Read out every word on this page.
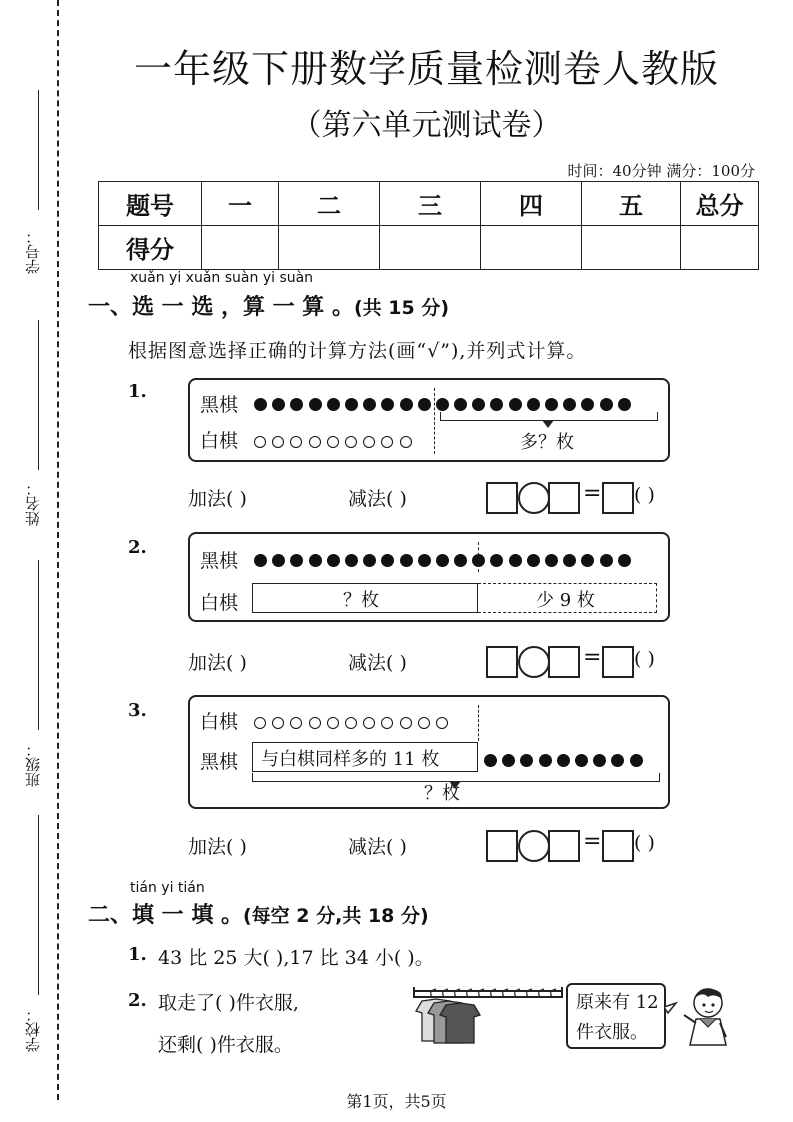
学号：
姓名：
班级：
学校：
一年级下册数学质量检测卷人教版
（第六单元测试卷）
时间：40分钟 满分：100分
题号	一	二	三	四	五	总分
得分						
xuǎn yi xuǎn suàn yi suàn
一、选 一 选 ，算 一 算 。(共 15 分)
根据图意选择正确的计算方法(画“√”),并列式计算。
1.
黑棋
白棋	多？枚
加法( )	减法( )	= ( )
2.
黑棋
白棋	？枚	少 9 枚
加法( )	减法( )	= ( )
3.
白棋
黑棋 与白棋同样多的 11 枚
？枚
加法( )	减法( )	= ( )
tián yi tián
二、填 一 填 。(每空 2 分,共 18 分)
1. 43 比 25 大( ),17 比 34 小( )。
2. 取走了( )件衣服,
还剩( )件衣服。
原来有 12
件衣服。
第1页，共5页
